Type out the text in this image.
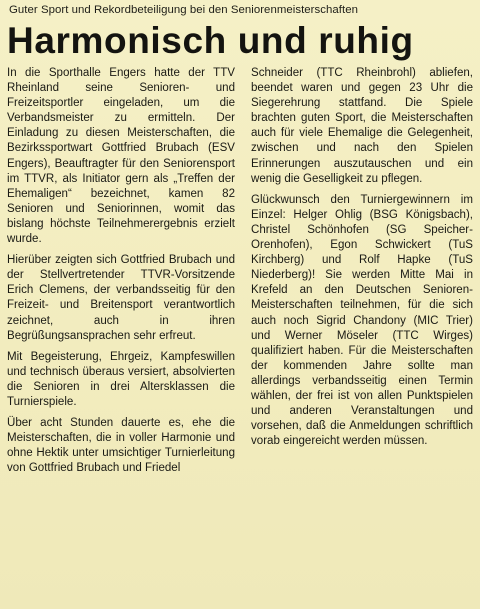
Guter Sport und Rekordbeteiligung bei den Seniorenmeisterschaften
Harmonisch und ruhig

In die Sporthalle Engers hatte der TTV Rheinland seine Senioren- und Freizeitsportler eingeladen, um die Verbandsmeister zu ermitteln. Der Einladung zu diesen Meisterschaften, die Bezirkssportwart Gottfried Brubach (ESV Engers), Beauftragter für den Seniorensport im TTVR, als Initiator gern als „Treffen der Ehemaligen“ bezeichnet, kamen 82 Senioren und Seniorinnen, womit das bislang höchste Teilnehmerergebnis erzielt wurde.

Hierüber zeigten sich Gottfried Brubach und der Stellvertretender TTVR-Vorsitzende Erich Clemens, der verbandsseitig für den Freizeit- und Breitensport verantwortlich zeichnet, auch in ihren Begrüßungsansprachen sehr erfreut.

Mit Begeisterung, Ehrgeiz, Kampfeswillen und technisch überaus versiert, absolvierten die Senioren in drei Altersklassen die Turnierspiele.

Über acht Stunden dauerte es, ehe die Meisterschaften, die in voller Harmonie und ohne Hektik unter umsichtiger Turnierleitung von Gottfried Brubach und Friedel

Schneider (TTC Rheinbrohl) abliefen, beendet waren und gegen 23 Uhr die Siegerehrung stattfand. Die Spiele brachten guten Sport, die Meisterschaften auch für viele Ehemalige die Gelegenheit, zwischen und nach den Spielen Erinnerungen auszutauschen und ein wenig die Geselligkeit zu pflegen.

Glückwunsch den Turniergewinnern im Einzel: Helger Ohlig (BSG Königsbach), Christel Schönhofen (SG Speicher-Orenhofen), Egon Schwickert (TuS Kirchberg) und Rolf Hapke (TuS Niederberg)! Sie werden Mitte Mai in Krefeld an den Deutschen Senioren-Meisterschaften teilnehmen, für die sich auch noch Sigrid Chandony (MIC Trier) und Werner Möseler (TTC Wirges) qualifiziert haben. Für die Meisterschaften der kommenden Jahre sollte man allerdings verbandsseitig einen Termin wählen, der frei ist von allen Punktspielen und anderen Veranstaltungen und vorsehen, daß die Anmeldungen schriftlich vorab eingereicht werden müssen.
